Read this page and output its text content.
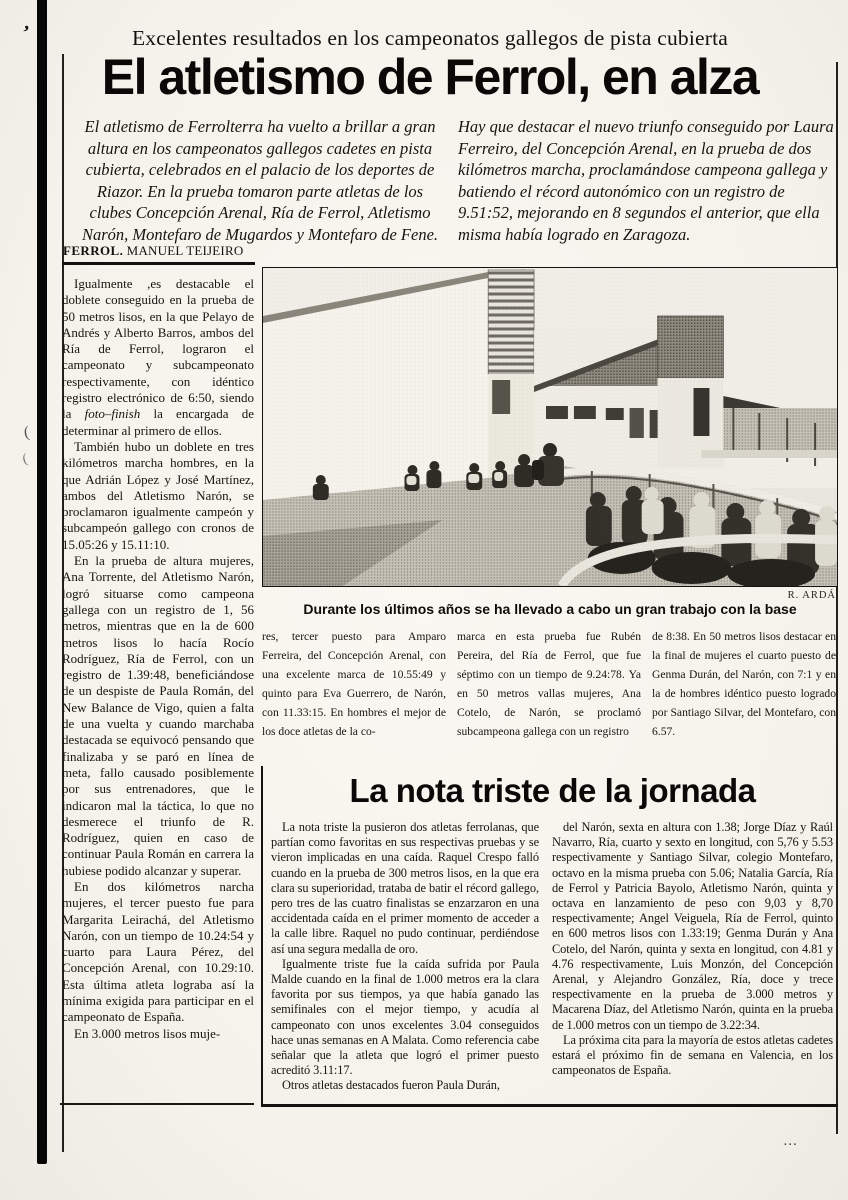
’
(
(
...
Excelentes resultados en los campeonatos gallegos de pista cubierta
El atletismo de Ferrol, en alza
El atletismo de Ferrolterra ha vuelto a brillar a gran altura en los campeonatos gallegos cadetes en pista cubierta, celebrados en el palacio de los deportes de Riazor. En la prueba tomaron parte atletas de los clubes Concepción Arenal, Ría de Ferrol, Atletismo Narón, Montefaro de Mugardos y Montefaro de Fene.
Hay que destacar el nuevo triunfo conseguido por Laura Ferreiro, del Concepción Arenal, en la prueba de dos kilómetros marcha, proclamándose campeona gallega y batiendo el récord autonómico con un registro de 9.51:52, mejorando en 8 segundos el anterior, que ella misma había logrado en Zaragoza.
FERROL. MANUEL TEIJEIRO

Igualmente ,es destacable el doblete conseguido en la prueba de 50 metros lisos, en la que Pelayo de Andrés y Alberto Barros, ambos del Ría de Ferrol, lograron el campeonato y subcampeonato respectivamente, con idéntico registro electrónico de 6:50, siendo la foto–finish la encargada de determinar al primero de ellos.

También hubo un doblete en tres kilómetros marcha hombres, en la que Adrián López y José Martínez, ambos del Atletismo Narón, se proclamaron igualmente campeón y subcampeón gallego con cronos de 15.05:26 y 15.11:10.

En la prueba de altura mujeres, Ana Torrente, del Atletismo Narón, logró situarse como campeona gallega con un registro de 1, 56 metros, mientras que en la de 600 metros lisos lo hacía Rocío Rodríguez, Ría de Ferrol, con un registro de 1.39:48, beneficiándose de un despiste de Paula Román, del New Balance de Vigo, quien a falta de una vuelta y cuando marchaba destacada se equivocó pensando que finalizaba y se paró en línea de meta, fallo causado posiblemente por sus entrenadores, que le indicaron mal la táctica, lo que no desmerece el triunfo de R. Rodríguez, quien en caso de continuar Paula Román en carrera la hubiese podido alcanzar y superar.

En dos kilómetros narcha mujeres, el tercer puesto fue para Margarita Leirachá, del Atletismo Narón, con un tiempo de 10.24:54 y cuarto para Laura Pérez, del Concepción Arenal, con 10.29:10. Esta última atleta lograba así la mínima exigida para participar en el campeonato de España.

En 3.000 metros lisos muje-

R. ARDÁ
Durante los últimos años se ha llevado a cabo un gran trabajo con la base
res, tercer puesto para Amparo Ferreira, del Concepción Arenal, con una excelente marca de 10.55:49 y quinto para Eva Guerrero, de Narón, con 11.33:15. En hombres el mejor de los doce atletas de la co-
marca en esta prueba fue Rubén Pereira, del Ría de Ferrol, que fue séptimo con un tiempo de 9.24:78. Ya en 50 metros vallas mujeres, Ana Cotelo, de Narón, se proclamó subcampeona gallega con un registro
de 8:38. En 50 metros lisos destacar en la final de mujeres el cuarto puesto de Genma Durán, del Narón, con 7:1 y en la de hombres idéntico puesto logrado por Santiago Silvar, del Montefaro, con 6.57.
La nota triste de la jornada

La nota triste la pusieron dos atletas ferrolanas, que partían como favoritas en sus respectivas pruebas y se vieron implicadas en una caída. Raquel Crespo falló cuando en la prueba de 300 metros lisos, en la que era clara su superioridad, trataba de batir el récord gallego, pero tres de las cuatro finalistas se enzarzaron en una accidentada caída en el primer momento de acceder a la calle libre. Raquel no pudo continuar, perdiéndose así una segura medalla de oro.

Igualmente triste fue la caída sufrida por Paula Malde cuando en la final de 1.000 metros era la clara favorita por sus tiempos, ya que había ganado las semifinales con el mejor tiempo, y acudía al campeonato con unos excelentes 3.04 conseguidos hace unas semanas en A Malata. Como referencia cabe señalar que la atleta que logró el primer puesto acreditó 3.11:17.

Otros atletas destacados fueron Paula Durán,

del Narón, sexta en altura con 1.38; Jorge Díaz y Raúl Navarro, Ría, cuarto y sexto en longitud, con 5,76 y 5.53 respectivamente y Santiago Silvar, colegio Montefaro, octavo en la misma prueba con 5.06; Natalia García, Ría de Ferrol y Patricia Bayolo, Atletismo Narón, quinta y octava en lanzamiento de peso con 9,03 y 8,70 respectivamente; Angel Veiguela, Ría de Ferrol, quinto en 600 metros lisos con 1.33:19; Genma Durán y Ana Cotelo, del Narón, quinta y sexta en longitud, con 4.81 y 4.76 respectivamente, Luis Monzón, del Concepción Arenal, y Alejandro González, Ría, doce y trece respectivamente en la prueba de 3.000 metros y Macarena Díaz, del Atletismo Narón, quinta en la prueba de 1.000 metros con un tiempo de 3.22:34.

La próxima cita para la mayoría de estos atletas cadetes estará el próximo fin de semana en Valencia, en los campeonatos de España.
